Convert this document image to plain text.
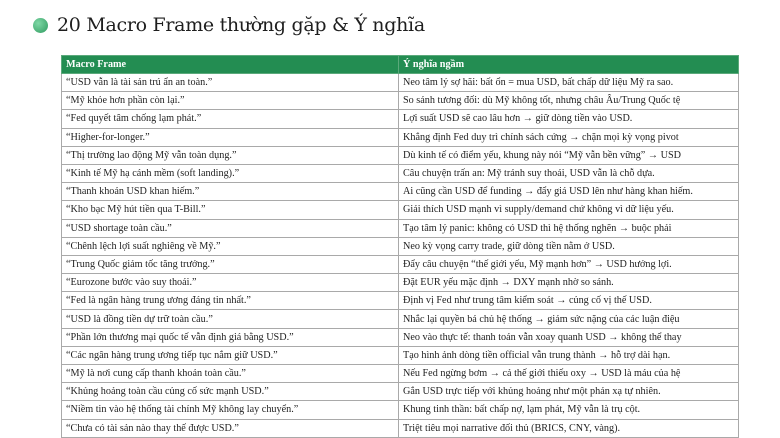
20 Macro Frame thường gặp & Ý nghĩa
Macro Frame	Ý nghĩa ngầm
“USD vẫn là tài sản trú ẩn an toàn.”	Neo tâm lý sợ hãi: bất ổn = mua USD, bất chấp dữ liệu Mỹ ra sao.
“Mỹ khỏe hơn phần còn lại.”	So sánh tương đối: dù Mỹ không tốt, nhưng châu Âu/Trung Quốc tệ
“Fed quyết tâm chống lạm phát.”	Lợi suất USD sẽ cao lâu hơn → giữ dòng tiền vào USD.
“Higher-for-longer.”	Khẳng định Fed duy trì chính sách cứng → chặn mọi kỳ vọng pivot
“Thị trường lao động Mỹ vẫn toàn dụng.”	Dù kinh tế có điểm yếu, khung này nói “Mỹ vẫn bền vững” → USD
“Kinh tế Mỹ hạ cánh mềm (soft landing).”	Câu chuyện trấn an: Mỹ tránh suy thoái, USD vẫn là chỗ dựa.
“Thanh khoản USD khan hiếm.”	Ai cũng cần USD để funding → đẩy giá USD lên như hàng khan hiếm.
“Kho bạc Mỹ hút tiền qua T-Bill.”	Giải thích USD mạnh vì supply/demand chứ không vì dữ liệu yếu.
“USD shortage toàn cầu.”	Tạo tâm lý panic: không có USD thì hệ thống nghẽn → buộc phải
“Chênh lệch lợi suất nghiêng về Mỹ.”	Neo kỳ vọng carry trade, giữ dòng tiền nằm ở USD.
“Trung Quốc giảm tốc tăng trưởng.”	Đẩy câu chuyện “thế giới yếu, Mỹ mạnh hơn” → USD hưởng lợi.
“Eurozone bước vào suy thoái.”	Đặt EUR yếu mặc định → DXY mạnh nhờ so sánh.
“Fed là ngân hàng trung ương đáng tin nhất.”	Định vị Fed như trung tâm kiểm soát → củng cố vị thế USD.
“USD là đồng tiền dự trữ toàn cầu.”	Nhắc lại quyền bá chủ hệ thống → giảm sức nặng của các luận điệu
“Phần lớn thương mại quốc tế vẫn định giá bằng USD.”	Neo vào thực tế: thanh toán vẫn xoay quanh USD → không thể thay
“Các ngân hàng trung ương tiếp tục nắm giữ USD.”	Tạo hình ảnh dòng tiền official vẫn trung thành → hỗ trợ dài hạn.
“Mỹ là nơi cung cấp thanh khoản toàn cầu.”	Nếu Fed ngừng bơm → cả thế giới thiếu oxy → USD là máu của hệ
“Khủng hoảng toàn cầu củng cố sức mạnh USD.”	Gắn USD trực tiếp với khủng hoảng như một phản xạ tự nhiên.
“Niềm tin vào hệ thống tài chính Mỹ không lay chuyển.”	Khung tinh thần: bất chấp nợ, lạm phát, Mỹ vẫn là trụ cột.
“Chưa có tài sản nào thay thế được USD.”	Triệt tiêu mọi narrative đối thủ (BRICS, CNY, vàng).
